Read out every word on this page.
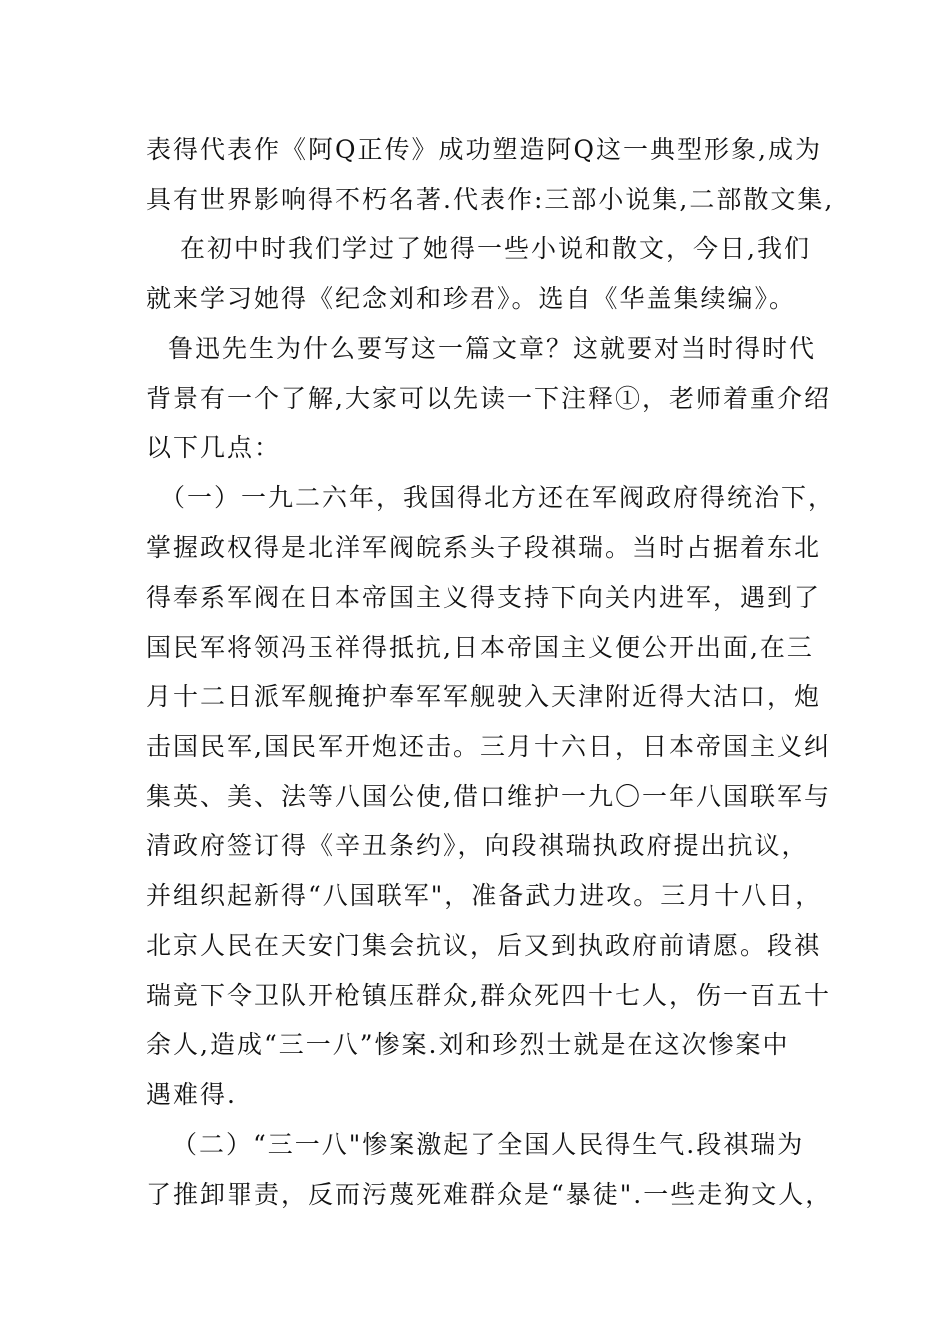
表得代表作《阿Q正传》成功塑造阿Q这一典型形象,成为
具有世界影响得不朽名著.代表作:三部小说集,二部散文集,
在初中时我们学过了她得一些小说和散文，今日,我们
就来学习她得《纪念刘和珍君》。选自《华盖集续编》。
鲁迅先生为什么要写这一篇文章？这就要对当时得时代
背景有一个了解,大家可以先读一下注释①，老师着重介绍
以下几点：
（一）一九二六年，我国得北方还在军阀政府得统治下，
掌握政权得是北洋军阀皖系头子段祺瑞。当时占据着东北
得奉系军阀在日本帝国主义得支持下向关内进军，遇到了
国民军将领冯玉祥得抵抗,日本帝国主义便公开出面,在三
月十二日派军舰掩护奉军军舰驶入天津附近得大沽口，炮
击国民军,国民军开炮还击。三月十六日，日本帝国主义纠
集英、美、法等八国公使,借口维护一九〇一年八国联军与
清政府签订得《辛丑条约》，向段祺瑞执政府提出抗议，
并组织起新得“八国联军"，准备武力进攻。三月十八日，
北京人民在天安门集会抗议，后又到执政府前请愿。段祺
瑞竟下令卫队开枪镇压群众,群众死四十七人，伤一百五十
余人,造成“三一八”惨案.刘和珍烈士就是在这次惨案中
遇难得.
（二）“三一八"惨案激起了全国人民得生气.段祺瑞为
了推卸罪责，反而污蔑死难群众是“暴徒".一些走狗文人，
